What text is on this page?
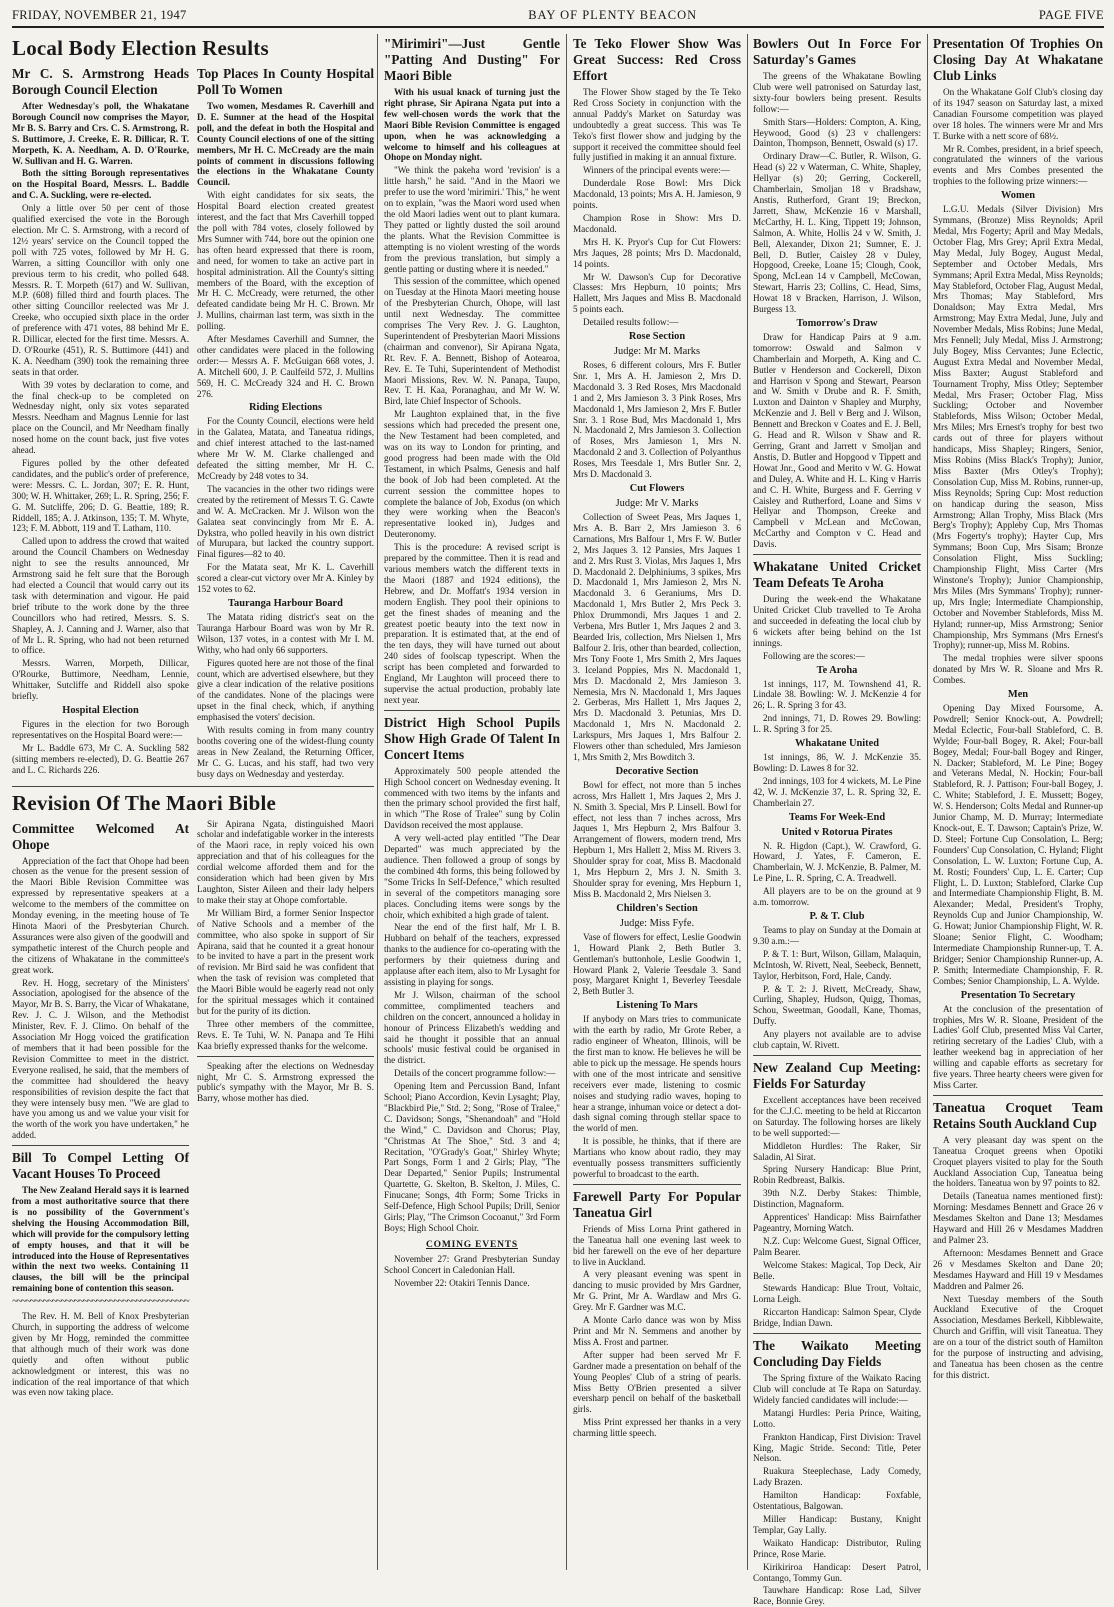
FRIDAY, NOVEMBER 21, 1947	BAY OF PLENTY BEACON	PAGE FIVE
Local Body Election Results
Mr C. S. Armstrong Heads Borough Council Election

After Wednesday's poll, the Whakatane Borough Council now comprises the Mayor, Mr B. S. Barry and Crs. C. S. Armstrong, R. S. Buttimore, J. Creeke, E. R. Dillicar, R. T. Morpeth, K. A. Needham, A. D. O'Rourke, W. Sullivan and H. G. Warren.

Both the sitting Borough representatives on the Hospital Board, Messrs. L. Baddle and C. A. Suckling, were re-elected.

Only a little over 50 per cent of those qualified exercised the vote in the Borough election. Mr C. S. Armstrong, with a record of 12½ years' service on the Council topped the poll with 725 votes, followed by Mr H. G. Warren, a sitting Councillor with only one previous term to his credit, who polled 648. Messrs. R. T. Morpeth (617) and W. Sullivan, M.P. (608) filled third and fourth places. The other sitting Councillor reelected was Mr J. Creeke, who occupied sixth place in the order of preference with 471 votes, 88 behind Mr E. R. Dillicar, elected for the first time. Messrs. A. D. O'Rourke (451), R. S. Buttimore (441) and K. A. Needham (390) took the remaining three seats in that order.

With 39 votes by declaration to come, and the final check-up to be completed on Wednesday night, only six votes separated Messrs. Needham and Magnus Lennie for last place on the Council, and Mr Needham finally nosed home on the count back, just five votes ahead.

Figures polled by the other defeated candidates, and the public's order of preference, were: Messrs. C. L. Jordan, 307; E. R. Hunt, 300; W. H. Whittaker, 269; L. R. Spring, 256; F. G. M. Sutcliffe, 206; D. G. Beattie, 189; R. Riddell, 185; A. J. Atkinson, 135; T. M. Whyte, 123; F. M. Abbott, 119 and T. Latham, 110.

Called upon to address the crowd that waited around the Council Chambers on Wednesday night to see the results announced, Mr Armstrong said he felt sure that the Borough had elected a Council that would carry out its task with determination and vigour. He paid brief tribute to the work done by the three Councillors who had retired, Messrs. S. S. Shapley, A. J. Canning and J. Warner, also that of Mr L. R. Spring, who had not been returned to office.

Messrs. Warren, Morpeth, Dillicar, O'Rourke, Buttimore, Needham, Lennie, Whittaker, Sutcliffe and Riddell also spoke briefly.

Hospital Election

Figures in the election for two Borough representatives on the Hospital Board were:—

Mr L. Baddle 673, Mr C. A. Suckling 582 (sitting members re-elected), D. G. Beattie 267 and L. C. Richards 226.

Top Places In County Hospital Poll To Women

Two women, Mesdames R. Caverhill and D. E. Sumner at the head of the Hospital poll, and the defeat in both the Hospital and County Council elections of one of the sitting members, Mr H. C. McCready are the main points of comment in discussions following the elections in the Whakatane County Council.

With eight candidates for six seats, the Hospital Board election created greatest interest, and the fact that Mrs Caverhill topped the poll with 784 votes, closely followed by Mrs Sumner with 744, bore out the opinion one has often heard expressed that there is room, and need, for women to take an active part in hospital administration. All the County's sitting members of the Board, with the exception of Mr H. C. McCready, were returned, the other defeated candidate being Mr H. C. Brown. Mr J. Mullins, chairman last term, was sixth in the polling.

After Mesdames Caverhill and Sumner, the other candidates were placed in the following order:— Messrs A. F. McGuigan 668 votes, J. A. Mitchell 600, J. P. Caulfeild 572, J. Mullins 569, H. C. McCready 324 and H. C. Brown 276.

Riding Elections

For the County Council, elections were held in the Galatea, Matata, and Taneatua ridings, and chief interest attached to the last-named where Mr W. M. Clarke challenged and defeated the sitting member, Mr H. C. McCready by 248 votes to 34.

The vacancies in the other two ridings were created by the retirement of Messrs T. G. Cawte and W. A. McCracken. Mr J. Wilson won the Galatea seat convincingly from Mr E. A. Dykstra, who polled heavily in his own district of Murupara, but lacked the country support. Final figures—82 to 40.

For the Matata seat, Mr K. L. Caverhill scored a clear-cut victory over Mr A. Kinley by 152 votes to 62.

Tauranga Harbour Board

The Matata riding district's seat on the Tauranga Harbour Board was won by Mr R. Wilson, 137 votes, in a contest with Mr I. M. Withy, who had only 66 supporters.

Figures quoted here are not those of the final count, which are advertised elsewhere, but they give a clear indication of the relative positions of the candidates. None of the placings were upset in the final check, which, if anything emphasised the voters' decision.

With results coming in from many country booths covering one of the widest-flung county areas in New Zealand, the Returning Officer, Mr C. G. Lucas, and his staff, had two very busy days on Wednesday and yesterday.

Revision Of The Maori Bible
Committee Welcomed At Ohope

Appreciation of the fact that Ohope had been chosen as the venue for the present session of the Maori Bible Revision Committee was expressed by representative speakers at a welcome to the members of the committee on Monday evening, in the meeting house of Te Hinota Maori of the Presbyterian Church. Assurances were also given of the goodwill and sympathetic interest of the Church people and the citizens of Whakatane in the committee's great work.

Rev. H. Hogg, secretary of the Ministers' Association, apologised for the absence of the Mayor, Mr B. S. Barry, the Vicar of Whakatane, Rev. J. C. J. Wilson, and the Methodist Minister, Rev. F. J. Climo. On behalf of the Association Mr Hogg voiced the gratification of members that it had been possible for the Revision Committee to meet in the district. Everyone realised, he said, that the members of the committee had shouldered the heavy responsibilities of revision despite the fact that they were intensely busy men. "We are glad to have you among us and we value your visit for the worth of the work you have undertaken," he added.

Bill To Compel Letting Of Vacant Houses To Proceed

The New Zealand Herald says it is learned from a most authoritative source that there is no possibility of the Government's shelving the Housing Accommodation Bill, which will provide for the compulsory letting of empty houses, and that it will be introduced into the House of Representatives within the next two weeks. Containing 11 clauses, the bill will be the principal remaining bone of contention this season.

~~~~~~~~~~~~~~~~~~~~~~~~~~~~~~~~~~~~~~~~

The Rev. H. M. Bell of Knox Presbyterian Church, in supporting the address of welcome given by Mr Hogg, reminded the committee that although much of their work was done quietly and often without public acknowledgment or interest, this was no indication of the real importance of that which was even now taking place.

Sir Apirana Ngata, distinguished Maori scholar and indefatigable worker in the interests of the Maori race, in reply voiced his own appreciation and that of his colleagues for the cordial welcome afforded them and for the consideration which had been given by Mrs Laughton, Sister Aileen and their lady helpers to make their stay at Ohope comfortable.

Mr William Bird, a former Senior Inspector of Native Schools and a member of the committee, who also spoke in support of Sir Apirana, said that he counted it a great honour to be invited to have a part in the present work of revision. Mr Bird said he was confident that when the task of revision was completed that the Maori Bible would be eagerly read not only for the spiritual messages which it contained but for the purity of its diction.

Three other members of the committee, Revs. E. Te Tuhi, W. N. Panapa and Te Hihi Kaa briefly expressed thanks for the welcome.

Speaking after the elections on Wednesday night, Mr C. S. Armstrong expressed the public's sympathy with the Mayor, Mr B. S. Barry, whose mother has died.

"Mirimiri"—Just Gentle "Patting And Dusting" For Maori Bible

With his usual knack of turning just the right phrase, Sir Apirana Ngata put into a few well-chosen words the work that the Maori Bible Revision Committee is engaged upon, when he was acknowledging a welcome to himself and his colleagues at Ohope on Monday night.

"We think the pakeha word 'revision' is a little harsh," he said. "And in the Maori we prefer to use the word 'mirimiri.' This," he went on to explain, "was the Maori word used when the old Maori ladies went out to plant kumara. They patted or lightly dusted the soil around the plants. What the Revision Committee is attempting is no violent wresting of the words from the previous translation, but simply a gentle patting or dusting where it is needed."

This session of the committee, which opened on Tuesday at the Hinota Maori meeting house of the Presbyterian Church, Ohope, will last until next Wednesday. The committee comprises The Very Rev. J. G. Laughton, Superintendent of Presbyterian Maori Missions (chairman and convenor), Sir Apirana Ngata, Rt. Rev. F. A. Bennett, Bishop of Aotearoa, Rev. E. Te Tuhi, Superintendent of Methodist Maori Missions, Rev. W. N. Panapa, Taupo, Rev. T. H. Kaa, Poranaghau, and Mr W. W. Bird, late Chief Inspector of Schools.

Mr Laughton explained that, in the five sessions which had preceded the present one, the New Testament had been completed, and was on its way to London for printing, and good progress had been made with the Old Testament, in which Psalms, Genesis and half the book of Job had been completed. At the current session the committee hopes to complete the balance of Job, Exodus (on which they were working when the Beacon's representative looked in), Judges and Deuteronomy.

This is the procedure: A revised script is prepared by the committee. Then it is read and various members watch the different texts in the Maori (1887 and 1924 editions), the Hebrew, and Dr. Moffatt's 1934 version in modern English. They pool their opinions to get the finest shades of meaning and the greatest poetic beauty into the text now in preparation. It is estimated that, at the end of the ten days, they will have turned out about 240 sides of foolscap typescript. When the script has been completed and forwarded to England, Mr Laughton will proceed there to supervise the actual production, probably late next year.

District High School Pupils Show High Grade Of Talent In Concert Items

Approximately 500 people attended the High School concert on Wednesday evening. It commenced with two items by the infants and then the primary school provided the first half, in which "The Rose of Tralee" sung by Colin Davidson received the most applause.

A very well-acted play entitled "The Dear Departed" was much appreciated by the audience. Then followed a group of songs by the combined 4th forms, this being followed by "Some Tricks In Self-Defence," which resulted in several of the competitors managing sore places. Concluding items were songs by the choir, which exhibited a high grade of talent.

Near the end of the first half, Mr I. B. Hubbard on behalf of the teachers, expressed thanks to the audience for co-operating with the performers by their quietness during and applause after each item, also to Mr Lysaght for assisting in playing for songs.

Mr J. Wilson, chairman of the school committee, complimented teachers and children on the concert, announced a holiday in honour of Princess Elizabeth's wedding and said he thought it possible that an annual schools' music festival could be organised in the district.

Details of the concert programme follow:—

Opening Item and Percussion Band, Infant School; Piano Accordion, Kevin Lysaght; Play, "Blackbird Pie," Std. 2; Song, "Rose of Tralee," C. Davidson; Songs, "Shenandoah" and "Hold the Wind," C. Davidson and Chorus; Play, "Christmas At The Shoe," Std. 3 and 4; Recitation, "O'Grady's Goat," Shirley Whyte; Part Songs, Form 1 and 2 Girls; Play, "The Dear Departed," Senior Pupils; Instrumental Quartette, G. Skelton, B. Skelton, J. Miles, C. Finucane; Songs, 4th Form; Some Tricks in Self-Defence, High School Pupils; Drill, Senior Girls; Play, "The Crimson Cocoanut," 3rd Form Boys; High School Choir.

COMING EVENTS

November 27: Grand Presbyterian Sunday School Concert in Caledonian Hall.

November 22: Otakiri Tennis Dance.

Te Teko Flower Show Was Great Success: Red Cross Effort

The Flower Show staged by the Te Teko Red Cross Society in conjunction with the annual Paddy's Market on Saturday was undoubtedly a great success. This was Te Teko's first flower show and judging by the support it received the committee should feel fully justified in making it an annual fixture.

Winners of the principal events were:—

Dunderdale Rose Bowl: Mrs Dick Macdonald, 13 points; Mrs A. H. Jamieson, 9 points.

Champion Rose in Show: Mrs D. Macdonald.

Mrs H. K. Pryor's Cup for Cut Flowers: Mrs Jaques, 28 points; Mrs D. Macdonald, 14 points.

Mr W. Dawson's Cup for Decorative Classes: Mrs Hepburn, 10 points; Mrs Hallett, Mrs Jaques and Miss B. Macdonald 5 points each.

Detailed results follow:—

Rose Section
Judge: Mr M. Marks

Roses, 6 different colours, Mrs F. Butler Snr. 1, Mrs A. H. Jamieson 2, Mrs D. Macdonald 3. 3 Red Roses, Mrs Macdonald 1 and 2, Mrs Jamieson 3. 3 Pink Roses, Mrs Macdonald 1, Mrs Jamieson 2, Mrs F. Butler Snr. 3. 1 Rose Bud, Mrs Macdonald 1, Mrs N. Macdonald 2, Mrs Jamieson 3. Collection of Roses, Mrs Jamieson 1, Mrs N. Macdonald 2 and 3. Collection of Polyanthus Roses, Mrs Teesdale 1, Mrs Butler Snr. 2, Mrs D. Macdonald 3.

Cut Flowers
Judge: Mr V. Marks

Collection of Sweet Peas, Mrs Jaques 1, Mrs A. B. Barr 2, Mrs Jamieson 3. 6 Carnations, Mrs Balfour 1, Mrs F. W. Butler 2, Mrs Jaques 3. 12 Pansies, Mrs Jaques 1 and 2. Mrs Rust 3. Violas, Mrs Jaques 1, Mrs D. Macdonald 2. Delphiniums, 3 spikes, Mrs D. Macdonald 1, Mrs Jamieson 2, Mrs N. Macdonald 3. 6 Geraniums, Mrs D. Macdonald 1, Mrs Butler 2, Mrs Peck 3. Phlox Drummondi, Mrs Jaques 1 and 2. Verbena, Mrs Butler 1, Mrs Jaques 2 and 3. Bearded Iris, collection, Mrs Nielsen 1, Mrs Balfour 2. Iris, other than bearded, collection, Mrs Tony Foote 1, Mrs Smith 2, Mrs Jaques 3. Iceland Poppies, Mrs N. Macdonald 1, Mrs D. Macdonald 2, Mrs Jamieson 3. Nemesia, Mrs N. Macdonald 1, Mrs Jaques 2. Gerberas, Mrs Hallett 1, Mrs Jaques 2, Mrs D. Macdonald 3. Petunias, Mrs D. Macdonald 1, Mrs N. Macdonald 2. Larkspurs, Mrs Jaques 1, Mrs Balfour 2. Flowers other than scheduled, Mrs Jamieson 1, Mrs Smith 2, Mrs Bowditch 3.

Decorative Section

Bowl for effect, not more than 5 inches across, Mrs Hallett 1, Mrs Jaques 2, Mrs J. N. Smith 3. Special, Mrs P. Linsell. Bowl for effect, not less than 7 inches across, Mrs Jaques 1, Mrs Hepburn 2, Mrs Balfour 3. Arrangement of flowers, modern trend, Mrs Hepburn 1, Mrs Hallett 2, Miss M. Rivers 3. Shoulder spray for coat, Miss B. Macdonald 1, Mrs Hepburn 2, Mrs J. N. Smith 3. Shoulder spray for evening, Mrs Hepburn 1, Miss B. Macdonald 2, Mrs Nielsen 3.

Children's Section
Judge: Miss Fyfe.

Vase of flowers for effect, Leslie Goodwin 1, Howard Plank 2, Beth Butler 3. Gentleman's buttonhole, Leslie Goodwin 1, Howard Plank 2, Valerie Teesdale 3. Sand posy, Margaret Knight 1, Beverley Teesdale 2, Beth Butler 3.

Listening To Mars

If anybody on Mars tries to communicate with the earth by radio, Mr Grote Reber, a radio engineer of Wheaton, Illinois, will be the first man to know. He believes he will be able to pick up the message. He spends hours with one of the most intricate and sensitive receivers ever made, listening to cosmic noises and studying radio waves, hoping to hear a strange, inhuman voice or detect a dot-dash signal coming through stellar space to the world of men.

It is possible, he thinks, that if there are Martians who know about radio, they may eventually possess transmitters sufficiently powerful to broadcast to the earth.

Farewell Party For Popular Taneatua Girl

Friends of Miss Lorna Print gathered in the Taneatua hall one evening last week to bid her farewell on the eve of her departure to live in Auckland.

A very pleasant evening was spent in dancing to music provided by Mrs Gardner, Mr G. Print, Mr A. Wardlaw and Mrs G. Grey. Mr F. Gardner was M.C.

A Monte Carlo dance was won by Miss Print and Mr N. Semmens and another by Miss A. Frost and partner.

After supper had been served Mr F. Gardner made a presentation on behalf of the Young Peoples' Club of a string of pearls. Miss Betty O'Brien presented a silver eversharp pencil on behalf of the basketball girls.

Miss Print expressed her thanks in a very charming little speech.

Bowlers Out In Force For Saturday's Games

The greens of the Whakatane Bowling Club were well patronised on Saturday last, sixty-four bowlers being present. Results follow:—

Smith Stars—Holders: Compton, A. King, Heywood, Good (s) 23 v challengers: Dainton, Thompson, Bennett, Oswald (s) 17.

Ordinary Draw—C. Butler, R. Wilson, G. Head (s) 22 v Waterman, C. White, Shapley, Hellyar (s) 20; Gerring, Cockerell, Chamberlain, Smoljan 18 v Bradshaw, Anstis, Rutherford, Grant 19; Breckon, Jarrett, Shaw, McKenzie 16 v Marshall, McCarthy, H. L. King, Tippett 19; Johnson, Salmon, A. White, Hollis 24 v W. Smith, J. Bell, Alexander, Dixon 21; Sumner, E. J. Bell, D. Butler, Caisley 28 v Duley, Hopgood, Creeke, Loane 15; Clough, Cook, Spong, McLean 14 v Campbell, McCowan, Stewart, Harris 23; Collins, C. Head, Sims, Howat 18 v Bracken, Harrison, J. Wilson, Burgess 13.

Tomorrow's Draw

Draw for Handicap Pairs at 9 a.m. tomorrow: Oswald and Salmon v Chamberlain and Morpeth, A. King and C. Butler v Henderson and Cockerell, Dixon and Harrison v Spong and Stewart, Pearson and W. Smith v Drube and R. F. Smith, Luxton and Dainton v Shapley and Murphy, McKenzie and J. Bell v Berg and J. Wilson, Bennett and Breckon v Coates and E. J. Bell, G. Head and R. Wilson v Shaw and R. Gerring, Grant and Jarrett v Smoljan and Anstis, D. Butler and Hopgood v Tippett and Howat Jnr., Good and Merito v W. G. Howat and Duley, A. White and H. L. King v Harris and C. H. White, Burgess and F. Gerring v Caisley and Rutherford, Loane and Sims v Hellyar and Thompson, Creeke and Campbell v McLean and McCowan, McCarthy and Compton v C. Head and Davis.

Whakatane United Cricket Team Defeats Te Aroha

During the week-end the Whakatane United Cricket Club travelled to Te Aroha and succeeded in defeating the local club by 6 wickets after being behind on the 1st innings.

Following are the scores:—

Te Aroha

1st innings, 117, M. Townshend 41, R. Lindale 38. Bowling: W. J. McKenzie 4 for 26; L. R. Spring 3 for 43.

2nd innings, 71, D. Rowes 29. Bowling: L. R. Spring 3 for 25.

Whakatane United

1st innings, 86, W. J. McKenzie 35. Bowling: D. Lawes 8 for 32.

2nd innings, 103 for 4 wickets, M. Le Pine 42, W. J. McKenzie 37, L. R. Spring 32, E. Chamberlain 27.

Teams For Week-End
United v Rotorua Pirates

N. R. Higdon (Capt.), W. Crawford, G. Howard, J. Yates, F. Cameron, E. Chamberlain, W. J. McKenzie, B. Palmer, M. Le Pine, L. R. Spring, C. A. Treadwell.

All players are to be on the ground at 9 a.m. tomorrow.

P. & T. Club

Teams to play on Sunday at the Domain at 9.30 a.m.:—

P. & T. 1: Burt, Wilson, Gillam, Malaquin, McIntosh, W. Rivett, Neal, Seebeck, Bennett, Taylor, Herbitson, Ford, Hale, Candy.

P. & T. 2: J. Rivett, McCready, Shaw, Curling, Shapley, Hudson, Quigg, Thomas, Schou, Sweetman, Goodall, Kane, Thomas, Duffy.

Any players not available are to advise club captain, W. Rivett.

New Zealand Cup Meeting: Fields For Saturday

Excellent acceptances have been received for the C.J.C. meeting to be held at Riccarton on Saturday. The following horses are likely to be well supported:—

Middleton Hurdles: The Raker, Sir Saladin, Al Sirat.

Spring Nursery Handicap: Blue Print, Robin Redbreast, Balkis.

39th N.Z. Derby Stakes: Thimble, Distinction, Magnaform.

Apprentices' Handicap: Miss Bairnfather Pageantry, Morning Watch.

N.Z. Cup: Welcome Guest, Signal Officer, Palm Bearer.

Welcome Stakes: Magical, Top Deck, Air Belle.

Stewards Handicap: Blue Trout, Voltaic, Lorna Leigh.

Riccarton Handicap: Salmon Spear, Clyde Bridge, Indian Dawn.

The Waikato Meeting Concluding Day Fields

The Spring fixture of the Waikato Racing Club will conclude at Te Rapa on Saturday. Widely fancied candidates will include:—

Matangi Hurdles: Peria Prince, Waiting, Lotto.

Frankton Handicap, First Division: Travel King, Magic Stride. Second: Title, Peter Nelson.

Ruakura Steeplechase, Lady Comedy, Lady Brazen.

Hamilton Handicap: Foxfable, Ostentatious, Balgowan.

Miller Handicap: Bustany, Knight Templar, Gay Lally.

Waikato Handicap: Distributor, Ruling Prince, Rose Marie.

Kirikiriroa Handicap: Desert Patrol, Contango, Tommy Gun.

Tauwhare Handicap: Rose Lad, Silver Race, Bonnie Grey.

Presentation Of Trophies On Closing Day At Whakatane Club Links

On the Whakatane Golf Club's closing day of its 1947 season on Saturday last, a mixed Canadian Foursome competition was played over 18 holes. The winners were Mr and Mrs T. Burke with a nett score of 68½.

Mr R. Combes, president, in a brief speech, congratulated the winners of the various events and Mrs Combes presented the trophies to the following prize winners:—

Women

L.G.U. Medals (Silver Division) Mrs Symmans, (Bronze) Miss Reynolds; April Medal, Mrs Fogerty; April and May Medals, October Flag, Mrs Grey; April Extra Medal, May Medal, July Bogey, August Medal, September and October Medals, Mrs Symmans; April Extra Medal, Miss Reynolds; May Stableford, October Flag, August Medal, Mrs Thomas; May Stableford, Mrs Donaldson; May Extra Medal, Mrs Armstrong; May Extra Medal, June, July and November Medals, Miss Robins; June Medal, Mrs Fennell; July Medal, Miss J. Armstrong; July Bogey, Miss Cervantes; June Eclectic, August Extra Medal and November Medal, Miss Baxter; August Stableford and Tournament Trophy, Miss Otley; September Medal, Mrs Fraser; October Flag, Miss Suckling; October and November Stablefords, Miss Wilson; October Medal, Mrs Miles; Mrs Ernest's trophy for best two cards out of three for players without handicaps, Miss Shapley; Ringers, Senior, Miss Robins (Miss Black's Trophy); Junior, Miss Baxter (Mrs Otley's Trophy); Consolation Cup, Miss M. Robins, runner-up, Miss Reynolds; Spring Cup: Most reduction on handicap during the season, Miss Armstrong; Allan Trophy, Miss Black (Mrs Berg's Trophy); Appleby Cup, Mrs Thomas (Mrs Fogerty's trophy); Hayter Cup, Mrs Symmans; Boon Cup, Mrs Sisam; Bronze Consolation Flight, Miss Suckling; Championship Flight, Miss Carter (Mrs Winstone's Trophy); Junior Championship, Mrs Miles (Mrs Symmans' Trophy); runner-up, Mrs Ingle; Intermediate Championship, October and November Stablefords, Miss M. Hyland; runner-up, Miss Armstrong; Senior Championship, Mrs Symmans (Mrs Ernest's Trophy); runner-up, Miss M. Robins.

The medal trophies were silver spoons donated by Mrs W. R. Sloane and Mrs R. Combes.

Men

Opening Day Mixed Foursome, A. Powdrell; Senior Knock-out, A. Powdrell; Medal Eclectic, Four-ball Stableford, C. B. Wylde; Four-ball Bogey, R. Akel; Four-ball Bogey, Medal; Four-ball Bogey and Ringer, N. Dacker; Stableford, M. Le Pine; Bogey and Veterans Medal, N. Hockin; Four-ball Stableford, R. J. Pattison; Four-ball Bogey, J. C. White; Stableford, J. E. Mussett; Bogey, W. S. Henderson; Colts Medal and Runner-up Junior Champ, M. D. Murray; Intermediate Knock-out, E. T. Dawson; Captain's Prize, W. D. Steel; Fortune Cup Consolation, L. Berg; Founders' Cup Consolation, C. Hyland; Flight Consolation, L. W. Luxton; Fortune Cup, A. M. Rosti; Founders' Cup, L. E. Carter; Cup Flight, L. D. Luxton; Stableford, Clarke Cup and Intermediate Championship Flight, B. M. Alexander; Medal, President's Trophy, Reynolds Cup and Junior Championship, W. G. Howat; Junior Championship Flight, W. R. Sloane; Senior Flight, C. Woodham; Intermediate Championship Runner-up, T. A. Bridger; Senior Championship Runner-up, A. P. Smith; Intermediate Championship, F. R. Combes; Senior Championship, L. A. Wylde.

Presentation To Secretary

At the conclusion of the presentation of trophies, Mrs W. R. Sloane, President of the Ladies' Golf Club, presented Miss Val Carter, retiring secretary of the Ladies' Club, with a leather weekend bag in appreciation of her willing and capable efforts as secretary for five years. Three hearty cheers were given for Miss Carter.

Taneatua Croquet Team Retains South Auckland Cup

A very pleasant day was spent on the Taneatua Croquet greens when Opotiki Croquet players visited to play for the South Auckland Association Cup, Taneatua being the holders. Taneatua won by 97 points to 82.

Details (Taneatua names mentioned first): Morning: Mesdames Bennett and Grace 26 v Mesdames Skelton and Dane 13; Mesdames Hayward and Hill 26 v Mesdames Maddren and Palmer 23.

Afternoon: Mesdames Bennett and Grace 26 v Mesdames Skelton and Dane 20; Mesdames Hayward and Hill 19 v Mesdames Maddren and Palmer 26.

Next Tuesday members of the South Auckland Executive of the Croquet Association, Mesdames Berkell, Kibblewaite, Church and Griffin, will visit Taneatua. They are on a tour of the district south of Hamilton for the purpose of instructing and advising, and Taneatua has been chosen as the centre for this district.
